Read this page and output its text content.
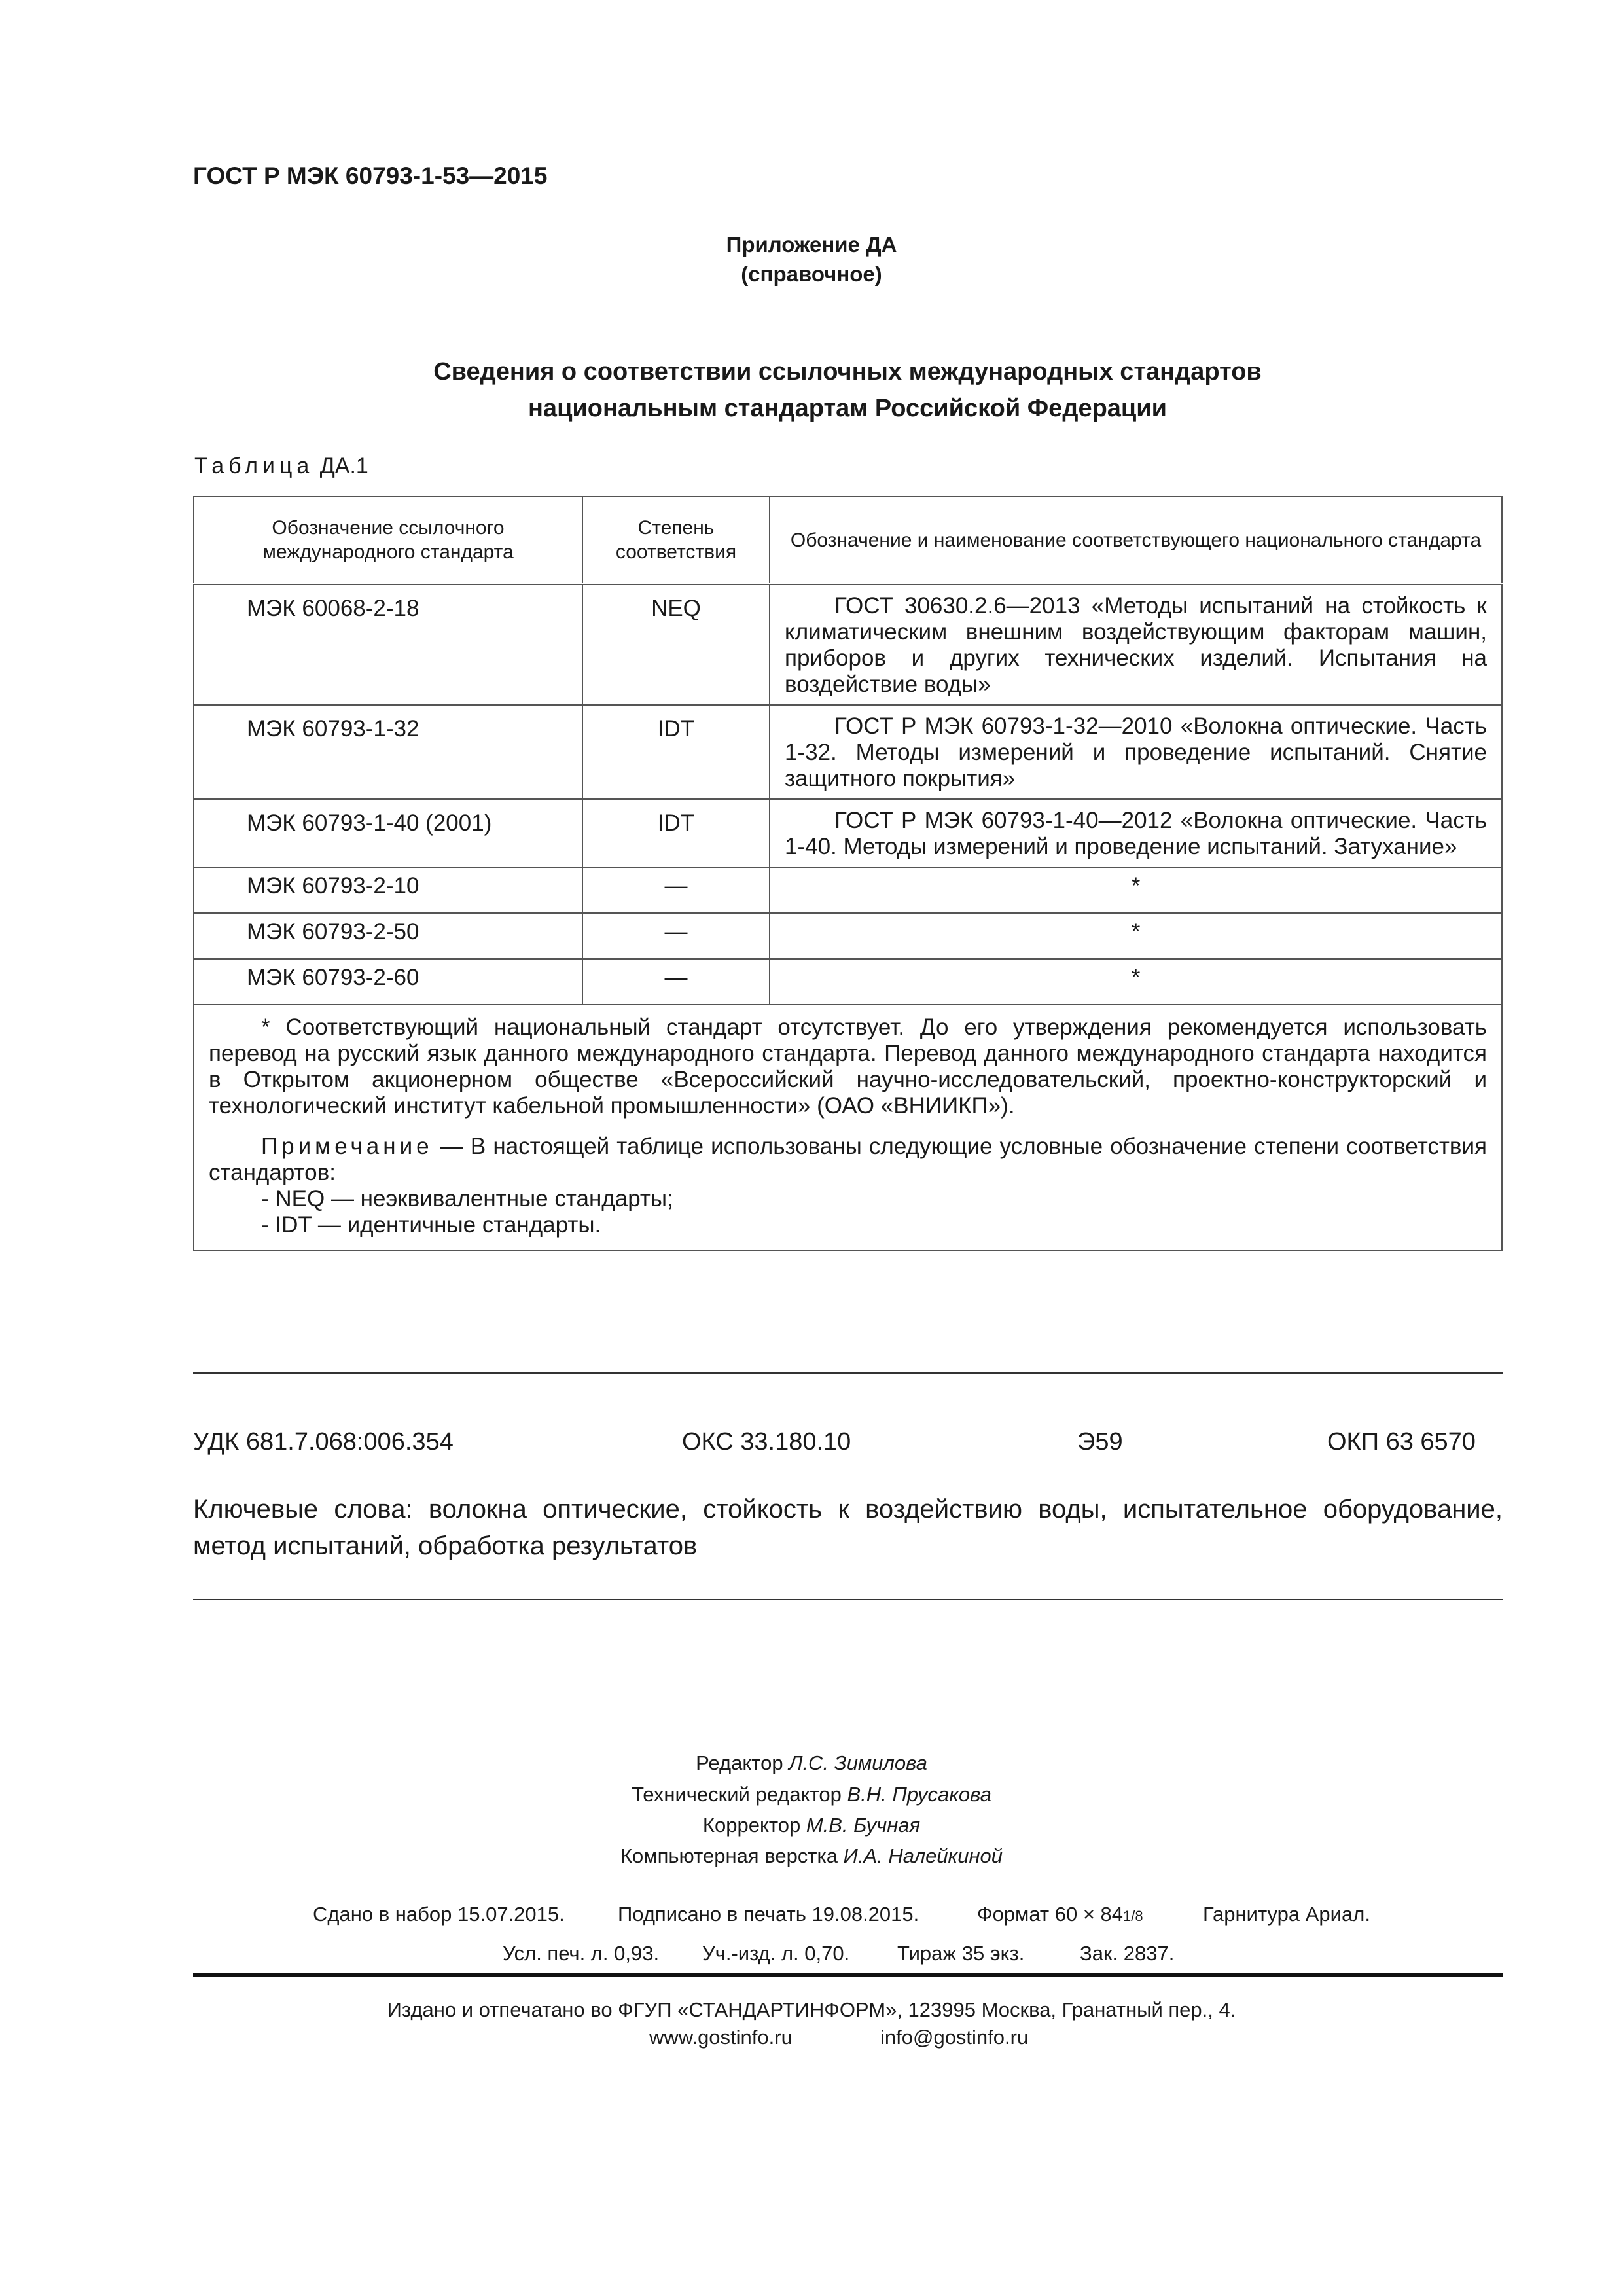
ГОСТ Р МЭК 60793-1-53—2015
Приложение ДА
(справочное)
Сведения о соответствии ссылочных международных стандартов
национальным стандартам Российской Федерации
Таблица ДА.1
Обозначение ссылочного международного стандарта	Степень соответствия	Обозначение и наименование соответствующего национального стандарта
МЭК 60068-2-18	NEQ	ГОСТ 30630.2.6—2013 «Методы испытаний на стойкость к климатическим внешним воздействующим факторам машин, приборов и других технических изделий. Испытания на воздействие воды»
МЭК 60793-1-32	IDT	ГОСТ Р МЭК 60793-1-32—2010 «Волокна оптические. Часть 1-32. Методы измерений и проведение испытаний. Снятие защитного покрытия»
МЭК 60793-1-40 (2001)	IDT	ГОСТ Р МЭК 60793-1-40—2012 «Волокна оптические. Часть 1-40. Методы измерений и проведение испытаний. Затухание»
МЭК 60793-2-10	—	*
МЭК 60793-2-50	—	*
МЭК 60793-2-60	—	*

* Соответствующий национальный стандарт отсутствует. До его утверждения рекомендуется использовать перевод на русский язык данного международного стандарта. Перевод данного международного стандарта находится в Открытом акционерном обществе «Всероссийский научно-исследовательский, проектно-конструкторский и технологический институт кабельной промышленности» (ОАО «ВНИИКП»).

Примечание — В настоящей таблице использованы следующие условные обозначение степени соответствия стандартов:

- NEQ — неэквивалентные стандарты;

- IDT — идентичные стандарты.		

УДК 681.7.068:006.354	ОКС 33.180.10	Э59	ОКП 63 6570
Ключевые слова: волокна оптические, стойкость к воздействию воды, испытательное оборудование, метод испытаний, обработка результатов
Редактор Л.С. Зимилова
Технический редактор В.Н. Прусакова
Корректор М.В. Бучная
Компьютерная верстка И.А. Налейкиной
Сдано в набор 15.07.2015.	Подписано в печать 19.08.2015.	Формат 60 × 841/8	Гарнитура Ариал.
Усл. печ. л. 0,93. Уч.-изд. л. 0,70. Тираж 35 экз.	Зак. 2837.
Издано и отпечатано во ФГУП «СТАНДАРТИНФОРМ», 123995 Москва, Гранатный пер., 4.
www.gostinfo.ru	info@gostinfo.ru
